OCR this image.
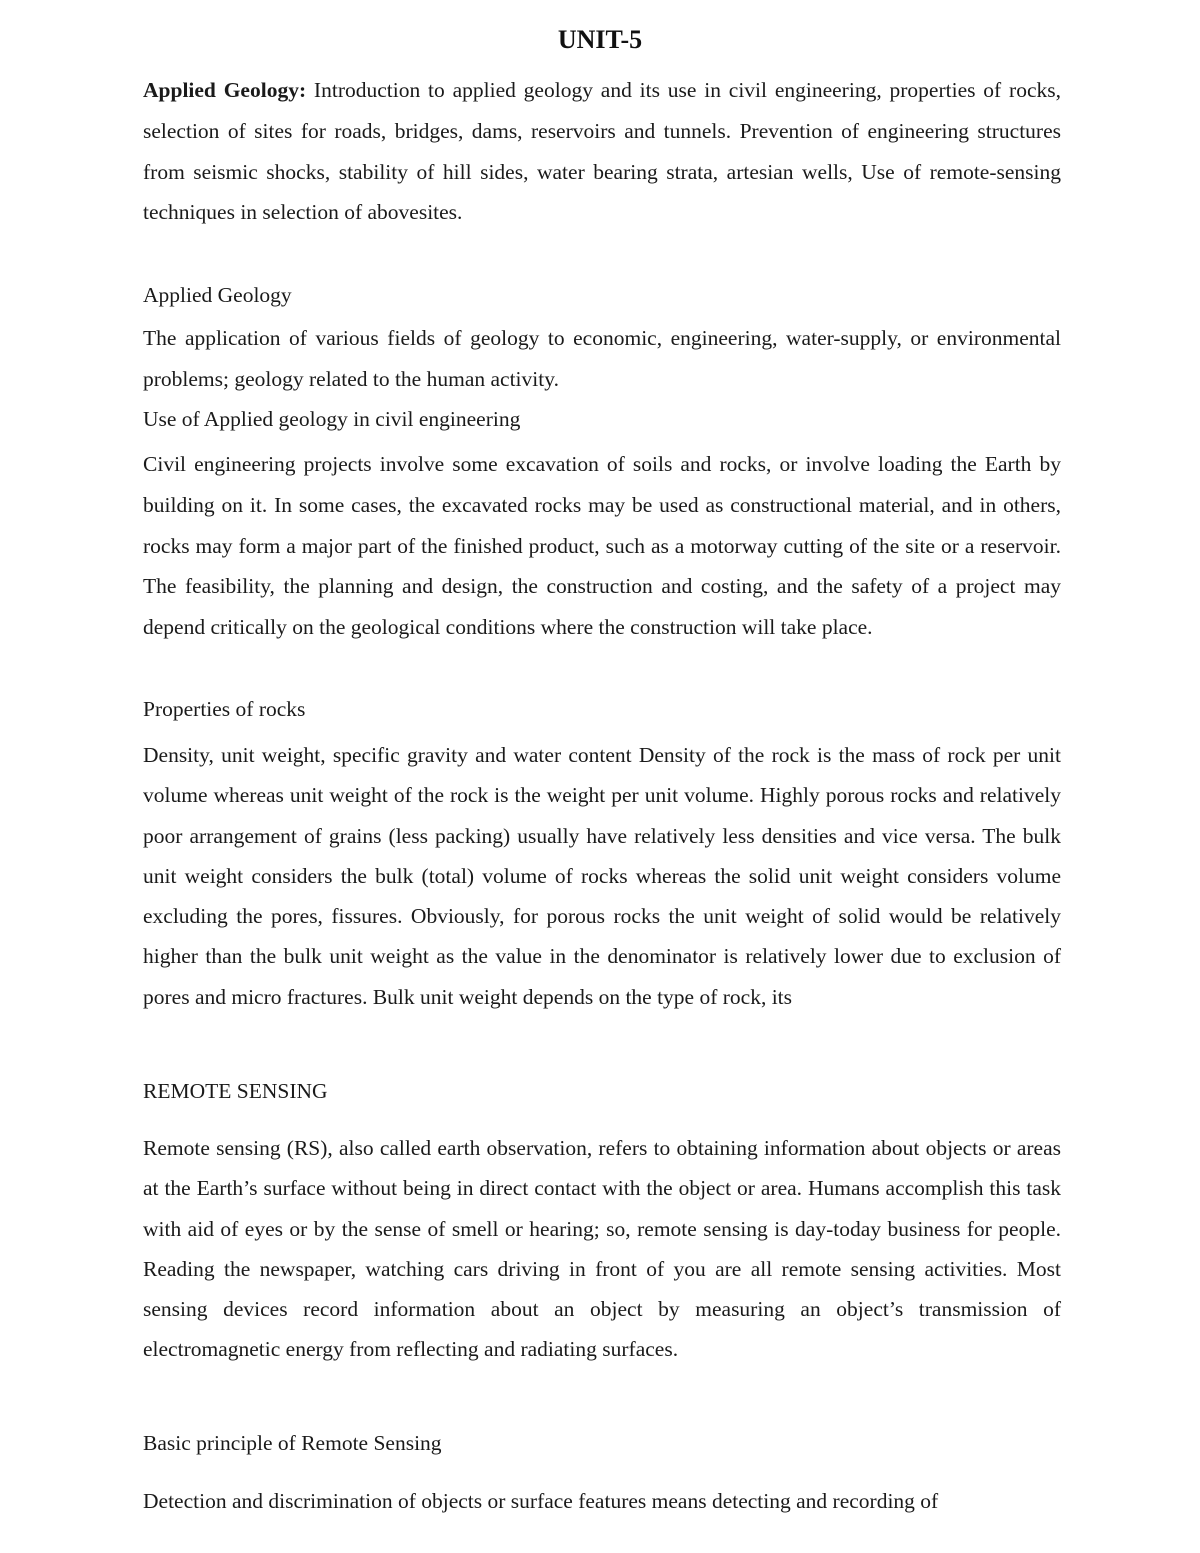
UNIT-5

Applied Geology: Introduction to applied geology and its use in civil engineering, properties of rocks, selection of sites for roads, bridges, dams, reservoirs and tunnels. Prevention of engineering structures from seismic shocks, stability of hill sides, water bearing strata, artesian wells, Use of remote-sensing techniques in selection of abovesites.

Applied Geology

The application of various fields of geology to economic, engineering, water-supply, or environmental problems; geology related to the human activity.

Use of Applied geology in civil engineering

Civil engineering projects involve some excavation of soils and rocks, or involve loading the Earth by building on it. In some cases, the excavated rocks may be used as constructional material, and in others, rocks may form a major part of the finished product, such as a motorway cutting of the site or a reservoir. The feasibility, the planning and design, the construction and costing, and the safety of a project may depend critically on the geological conditions where the construction will take place.

Properties of rocks

Density, unit weight, specific gravity and water content Density of the rock is the mass of rock per unit volume whereas unit weight of the rock is the weight per unit volume. Highly porous rocks and relatively poor arrangement of grains (less packing) usually have relatively less densities and vice versa. The bulk unit weight considers the bulk (total) volume of rocks whereas the solid unit weight considers volume excluding the pores, fissures. Obviously, for porous rocks the unit weight of solid would be relatively higher than the bulk unit weight as the value in the denominator is relatively lower due to exclusion of pores and micro fractures. Bulk unit weight depends on the type of rock, its

REMOTE SENSING

Remote sensing (RS), also called earth observation, refers to obtaining information about objects or areas at the Earth’s surface without being in direct contact with the object or area. Humans accomplish this task with aid of eyes or by the sense of smell or hearing; so, remote sensing is day-today business for people. Reading the newspaper, watching cars driving in front of you are all remote sensing activities. Most sensing devices record information about an object by measuring an object’s transmission of electromagnetic energy from reflecting and radiating surfaces.

Basic principle of Remote Sensing

Detection and discrimination of objects or surface features means detecting and recording of
